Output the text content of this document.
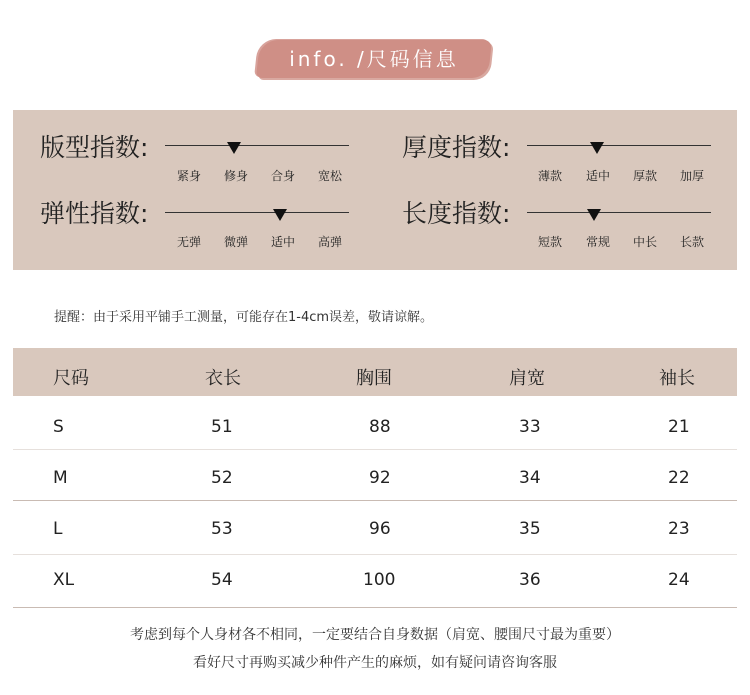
info. /尺码信息
版型指数:
紧身	修身	合身	宽松
厚度指数:
薄款	适中	厚款	加厚
弹性指数:
无弹	微弹	适中	高弹
长度指数:
短款	常规	中长	长款
提醒：由于采用平铺手工测量，可能存在1-4cm误差，敬请谅解。
尺码	衣长	胸围	肩宽	袖长
S	51	88	33	21
M	52	92	34	22
L	53	96	35	23
XL	54	100	36	24
考虑到每个人身材各不相同，一定要结合自身数据（肩宽、腰围尺寸最为重要）
看好尺寸再购买减少种件产生的麻烦，如有疑问请咨询客服
